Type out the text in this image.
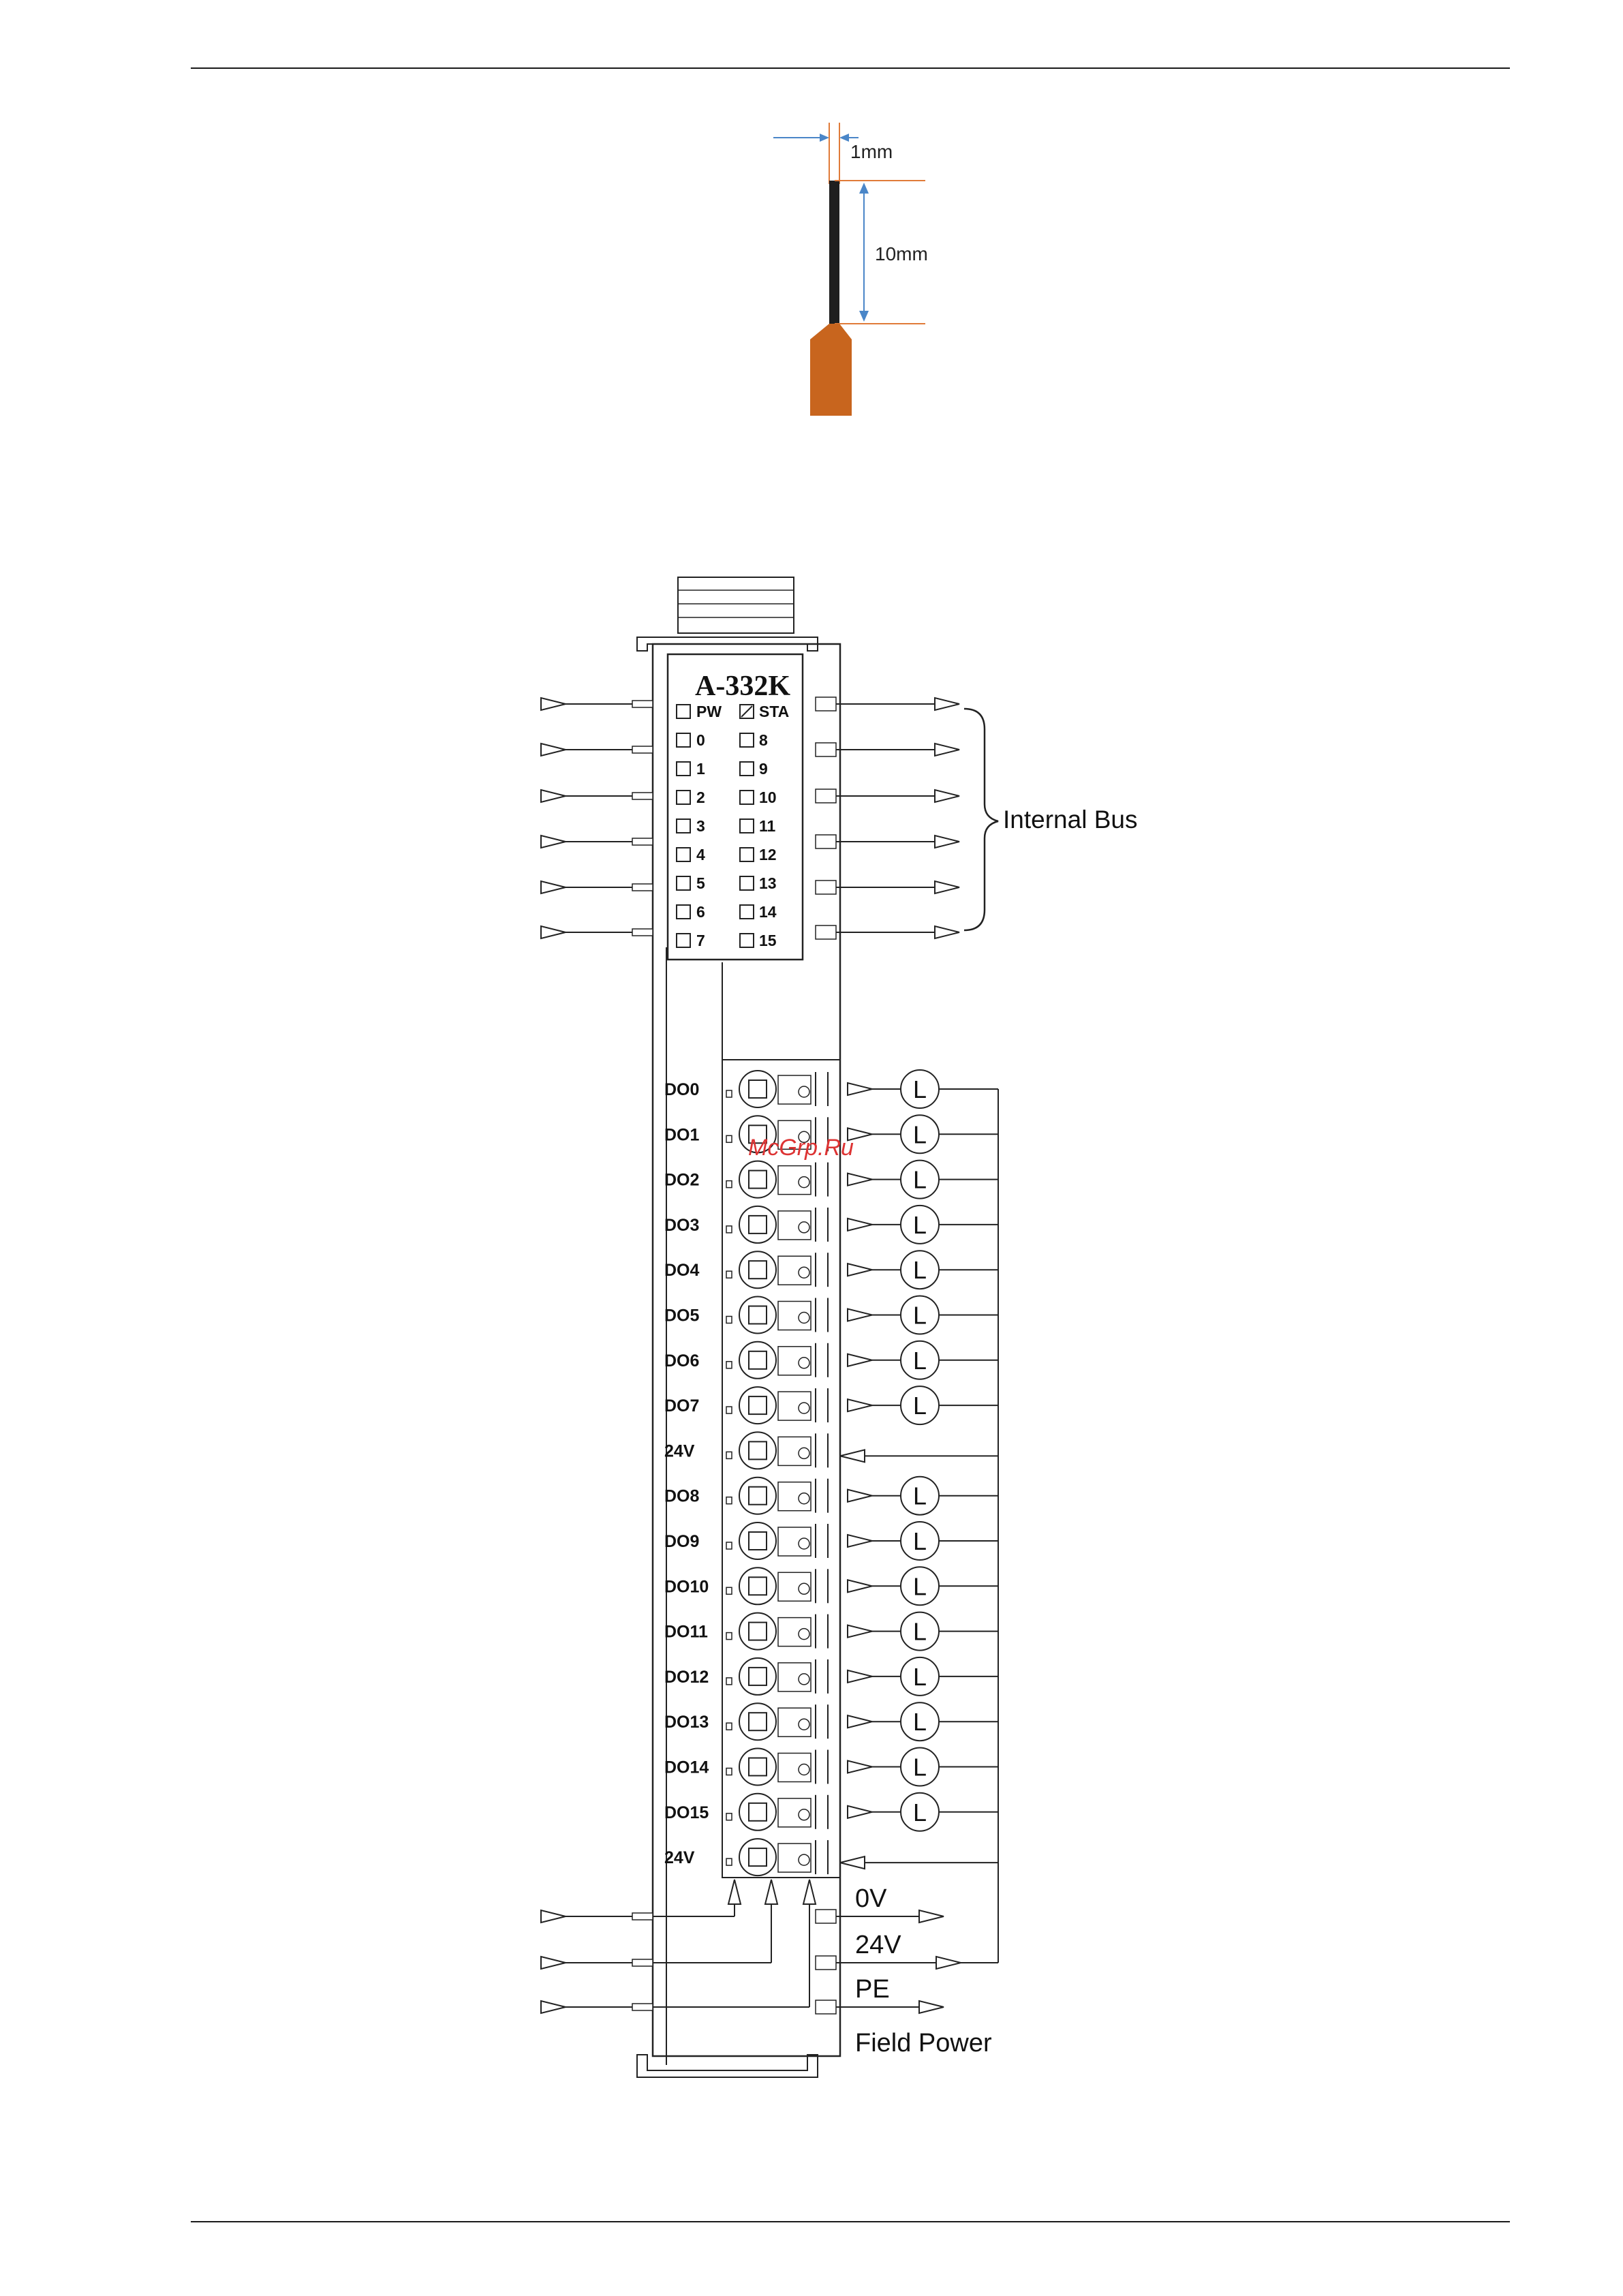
1mm
10mm
A-332K
PW
0
1
2
3
4
5
6
7
STA
8
9
10
11
12
13
14
15
Internal Bus
DO0
DO1
DO2
DO3
DO4
DO5
DO6
DO7
24V
DO8
DO9
DO10
DO11
DO12
DO13
DO14
DO15
24V
L
L
L
L
L
L
L
L
L
L
L
L
L
L
L
L
0V
24V
PE
Field Power
McGrp.Ru
